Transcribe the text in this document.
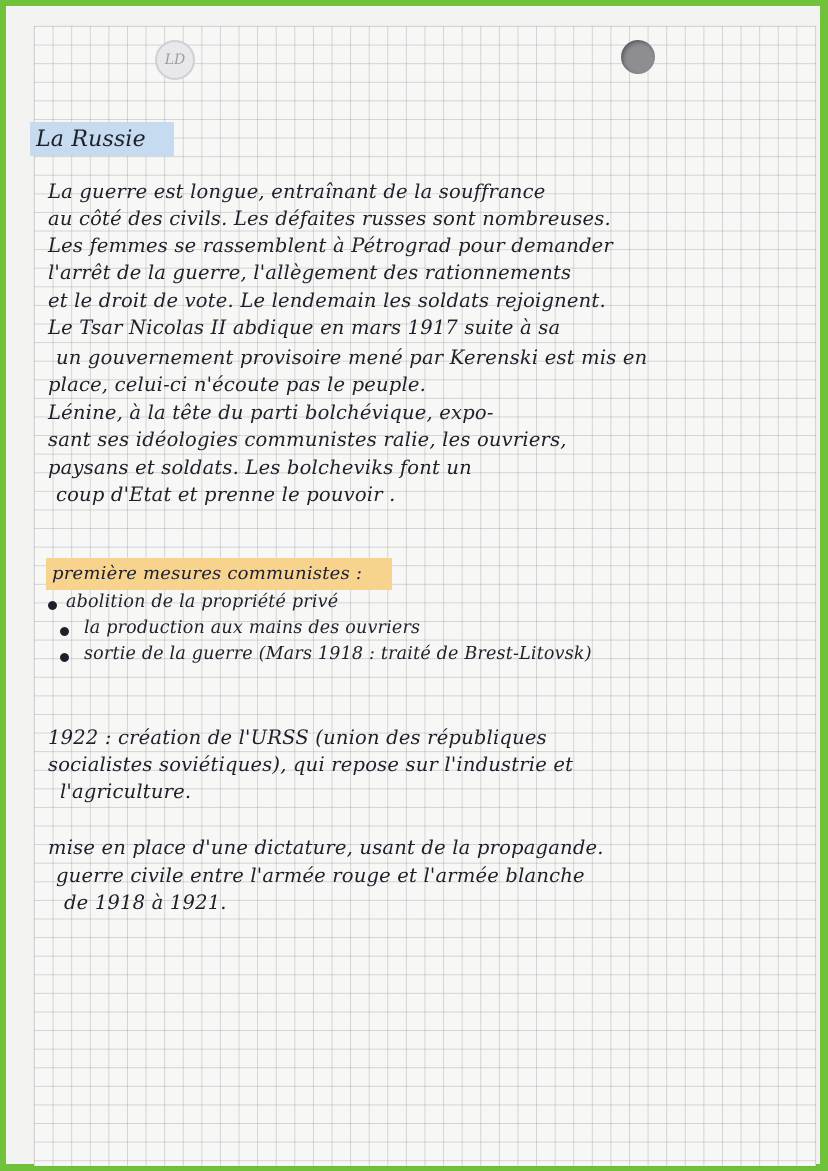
LD
La Russie
La guerre est longue, entraînant de la souffrance
au côté des civils. Les défaites russes sont nombreuses.
Les femmes se rassemblent à Pétrograd pour demander
l'arrêt de la guerre, l'allègement des rationnements
et le droit de vote. Le lendemain les soldats rejoignent.
Le Tsar Nicolas II abdique en mars 1917 suite à sa
un gouvernement provisoire mené par Kerenski est mis en
place, celui-ci n'écoute pas le peuple.
Lénine, à la tête du parti bolchévique, expo-
sant ses idéologies communistes ralie, les ouvriers,
paysans et soldats. Les bolcheviks font un
coup d'Etat et prenne le pouvoir .
première mesures communistes :
abolition de la propriété privé
la production aux mains des ouvriers
sortie de la guerre (Mars 1918 : traité de Brest-Litovsk)
1922 : création de l'URSS (union des républiques
socialistes soviétiques), qui repose sur l'industrie et
l'agriculture.
mise en place d'une dictature, usant de la propagande.
guerre civile entre l'armée rouge et l'armée blanche
de 1918 à 1921.
